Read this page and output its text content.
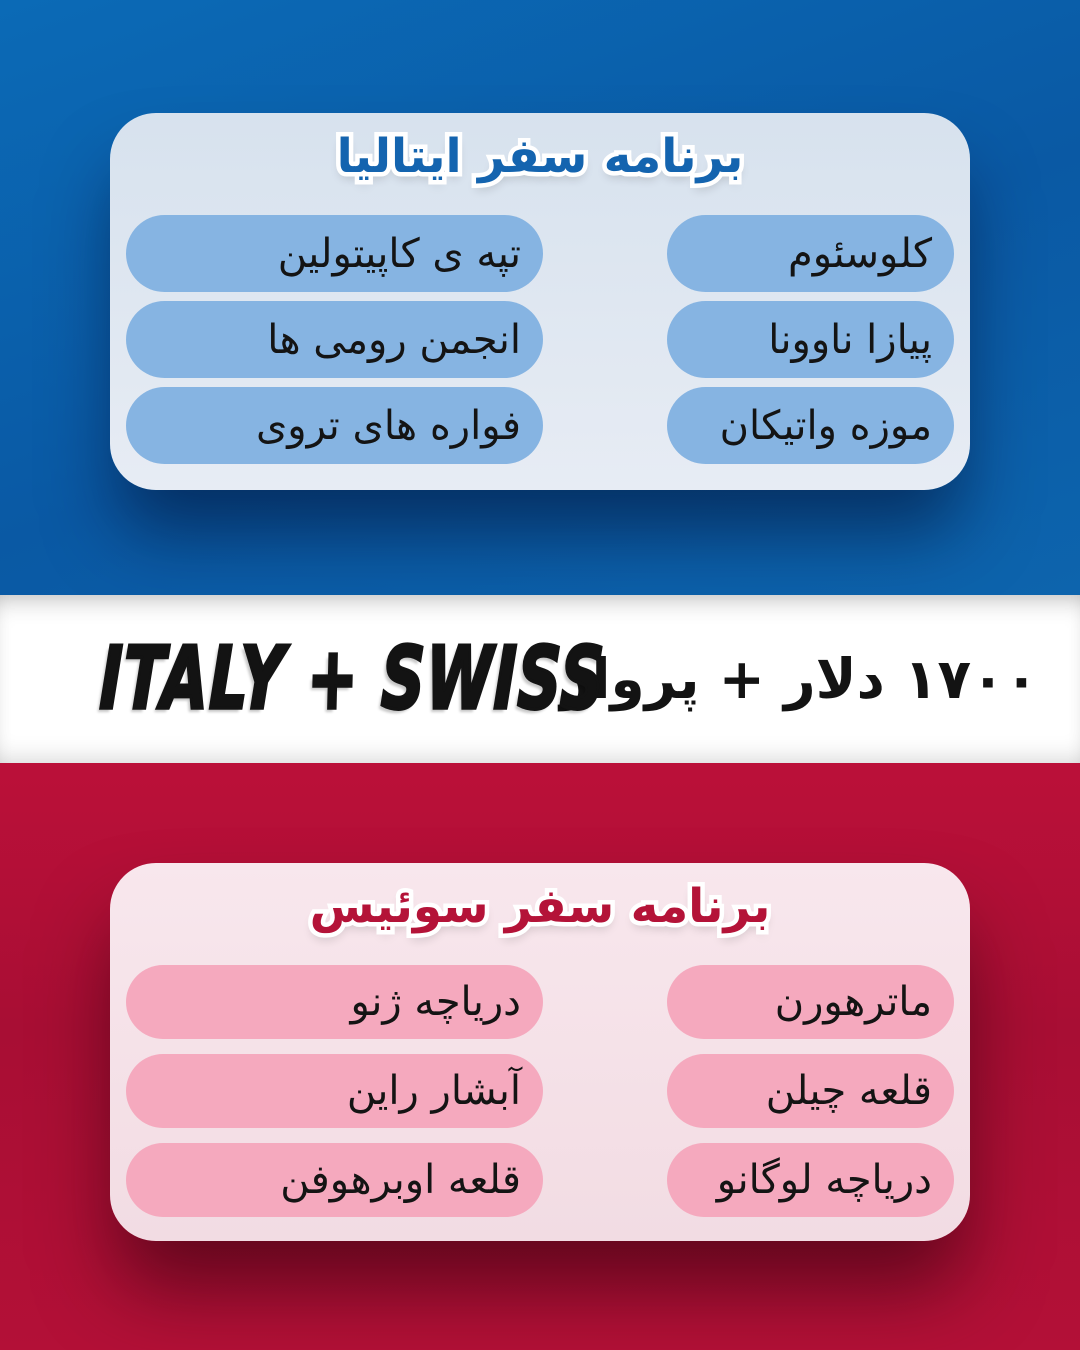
برنامه سفر ایتالیا برنامه سفر ایتالیا
کلوسئوم
تپه ی کاپیتولین
پیازا ناوونا
انجمن رومی ها
موزه واتیکان
فواره های تروی
ITALY + SWISS
۱۷۰۰ دلار + پرواز
برنامه سفر سوئیس برنامه سفر سوئیس
ماترهورن
دریاچه ژنو
قلعه چیلن
آبشار راین
دریاچه لوگانو
قلعه اوبرهوفن
